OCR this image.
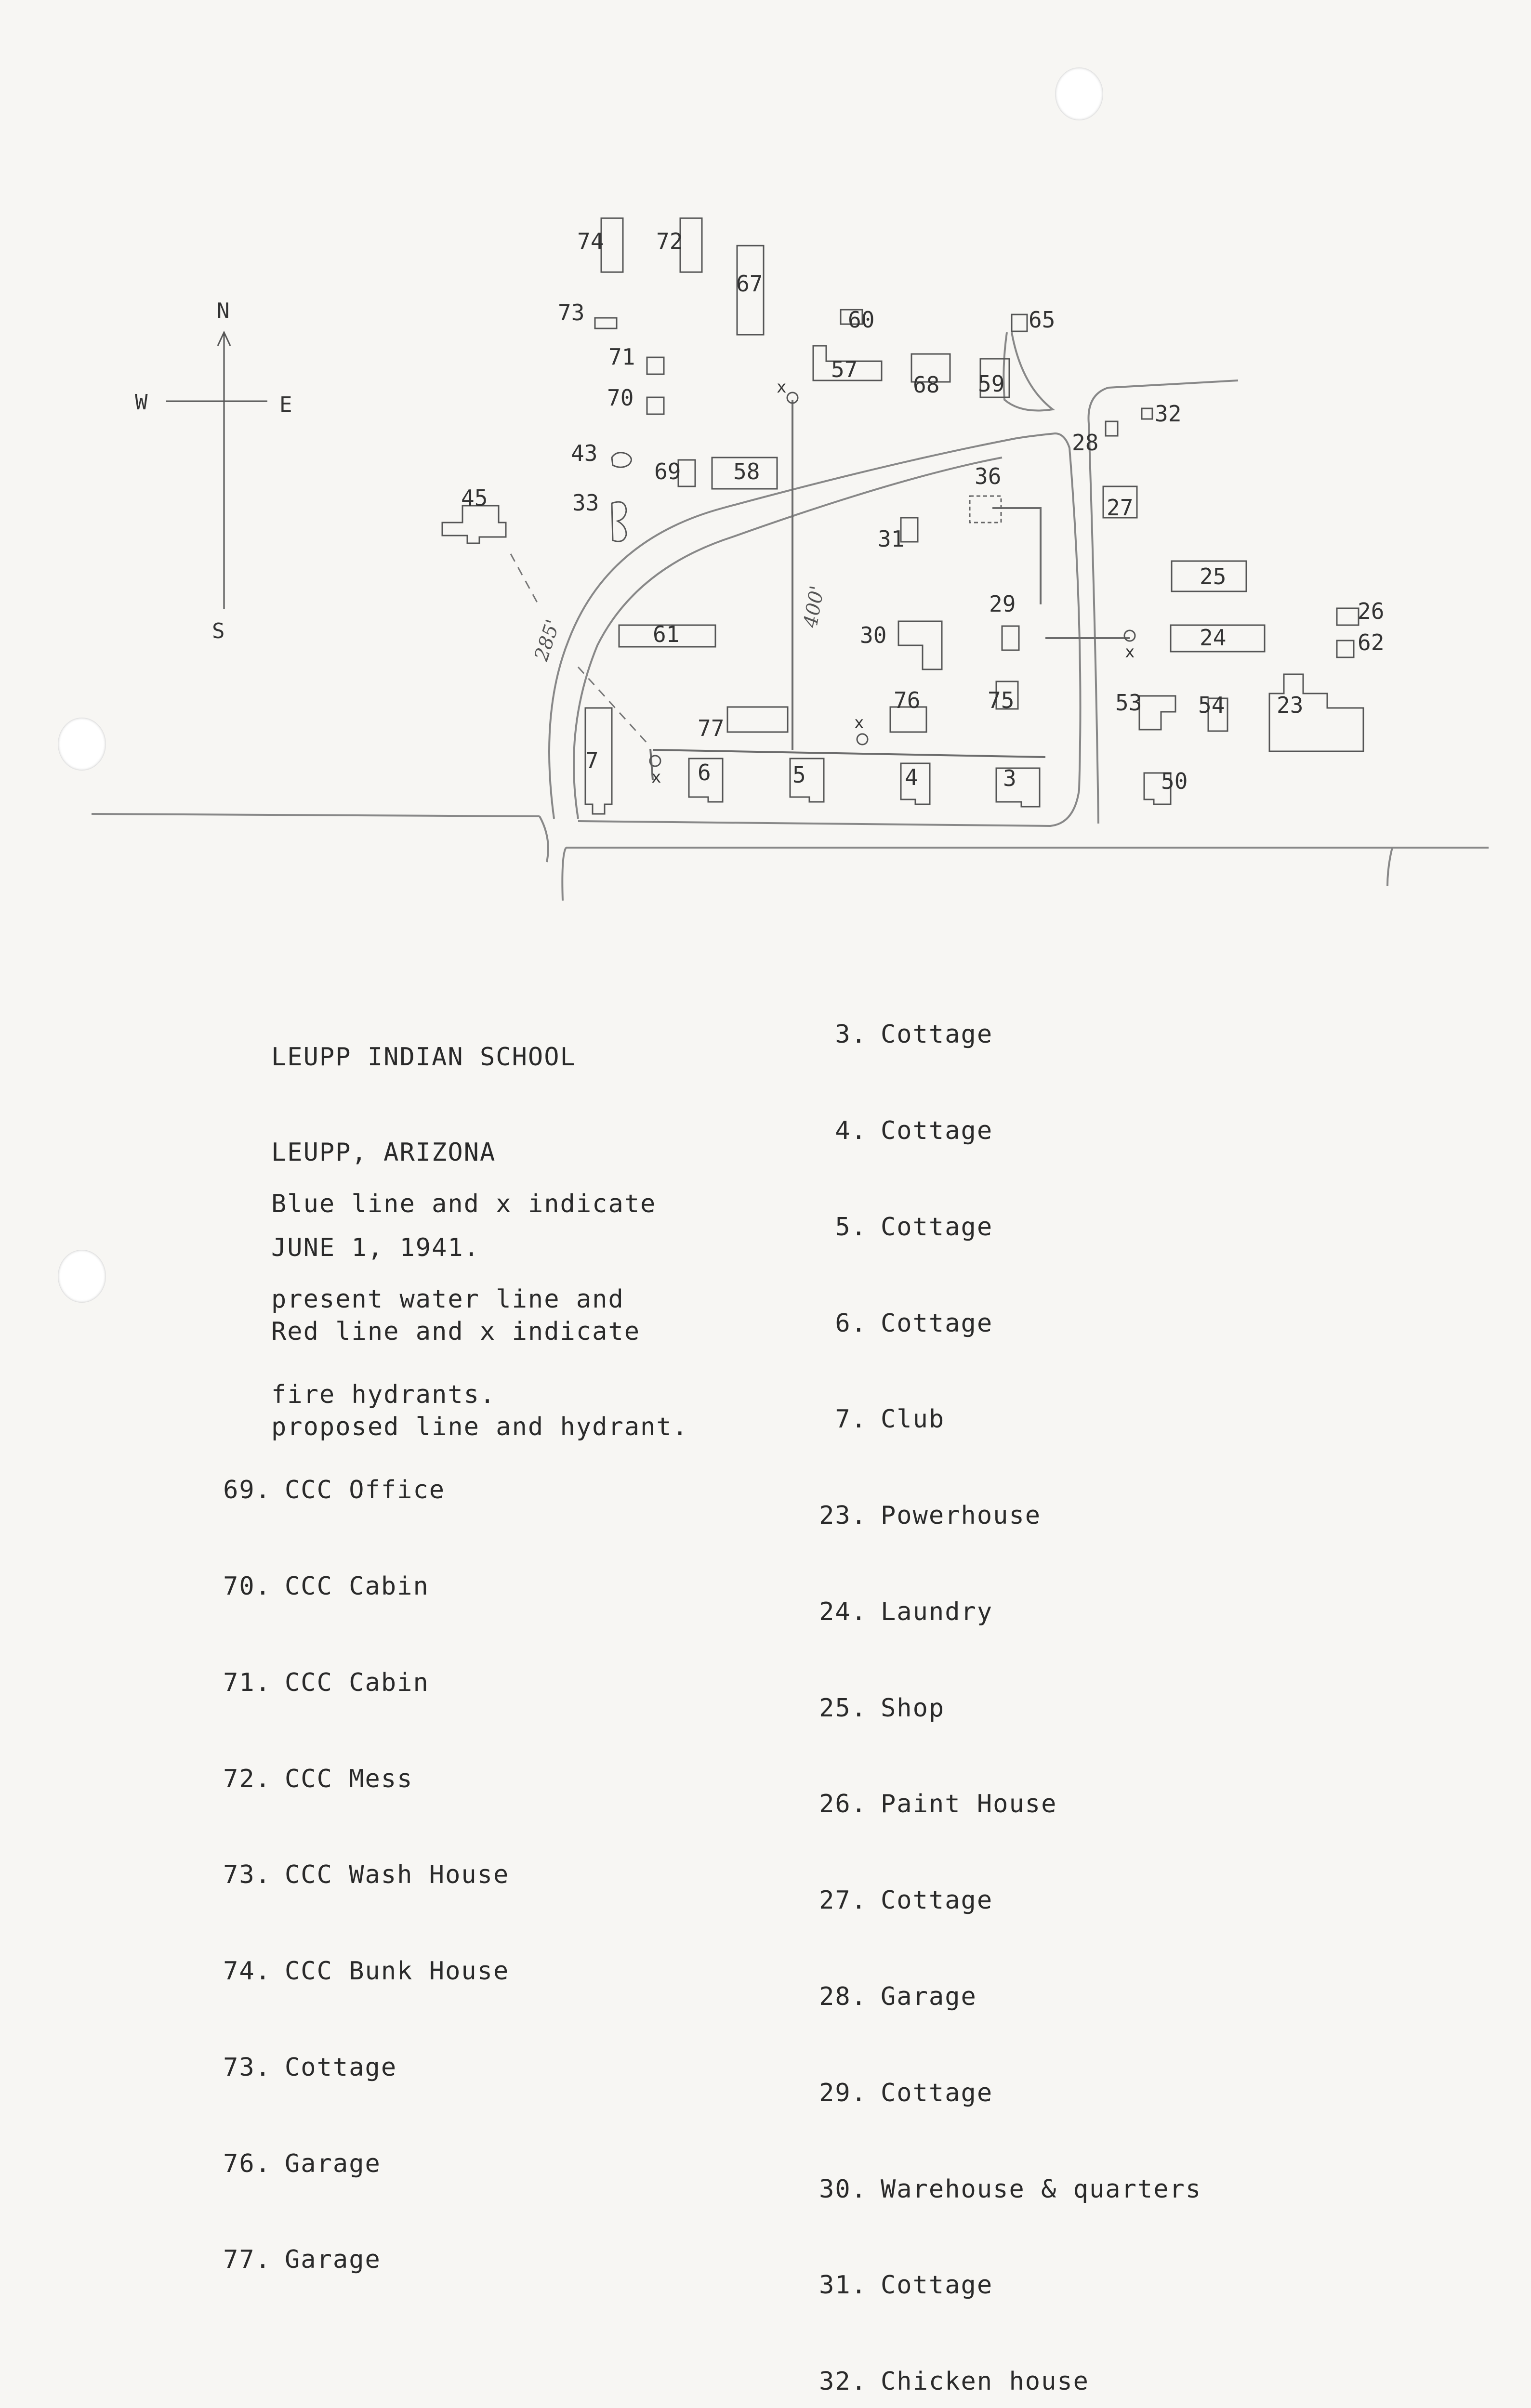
N
W	E
S
x
x
x
x
285'
400'
74 72
67
73	60	65
71	57
68 59
70
32
28
43
69 58	36
45	33	27
31
25
29	26
61	30	24	62
77
76	75	53	54 23
7	6	5	4	3	50

LEUPP INDIAN SCHOOL

LEUPP, ARIZONA

JUNE 1, 1941.

Blue line and x indicate

present water line and

fire hydrants.

Red line and x indicate

proposed line and hydrant.

69. CCC Office

70. CCC Cabin

71. CCC Cabin

72. CCC Mess

73. CCC Wash House

74. CCC Bunk House

73. Cottage

76. Garage

77. Garage

3. Cottage

4. Cottage

5. Cottage

6. Cottage

7. Club

23. Powerhouse

24. Laundry

25. Shop

26. Paint House

27. Cottage

28. Garage

29. Cottage

30. Warehouse & quarters

31. Cottage

32. Chicken house
